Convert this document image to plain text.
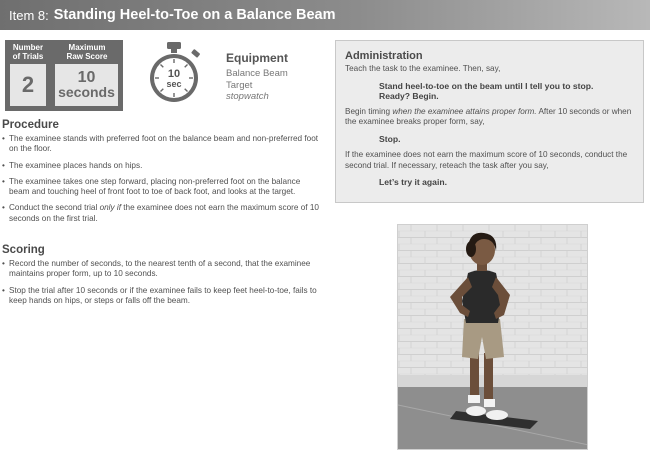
Item 8: Standing Heel-to-Toe on a Balance Beam
Number
of Trials
Maximum
Raw Score
2	10
seconds
10
sec
Equipment
Balance Beam
Target
stopwatch
Procedure
• The examinee stands with preferred foot on the balance beam and non-preferred foot on the floor.
• The examinee places hands on hips.
• The examinee takes one step forward, placing non-preferred foot on the balance beam and touching heel of front foot to toe of back foot, and looks at the target.
• Conduct the second trial only if the examinee does not earn the maximum score of 10 seconds on the first trial.
Scoring
• Record the number of seconds, to the nearest tenth of a second, that the examinee maintains proper form, up to 10 seconds.
• Stop the trial after 10 seconds or if the examinee fails to keep feet heel-to-toe, fails to keep hands on hips, or steps or falls off the beam.
Administration

Teach the task to the examinee. Then, say,

Stand heel-to-toe on the beam until I tell you to stop.

Ready? Begin.

Begin timing when the examinee attains proper form. After 10 seconds or when the examinee breaks proper form, say,

Stop.

If the examinee does not earn the maximum score of 10 seconds, conduct the second trial. If necessary, reteach the task after you say,

Let’s try it again.
